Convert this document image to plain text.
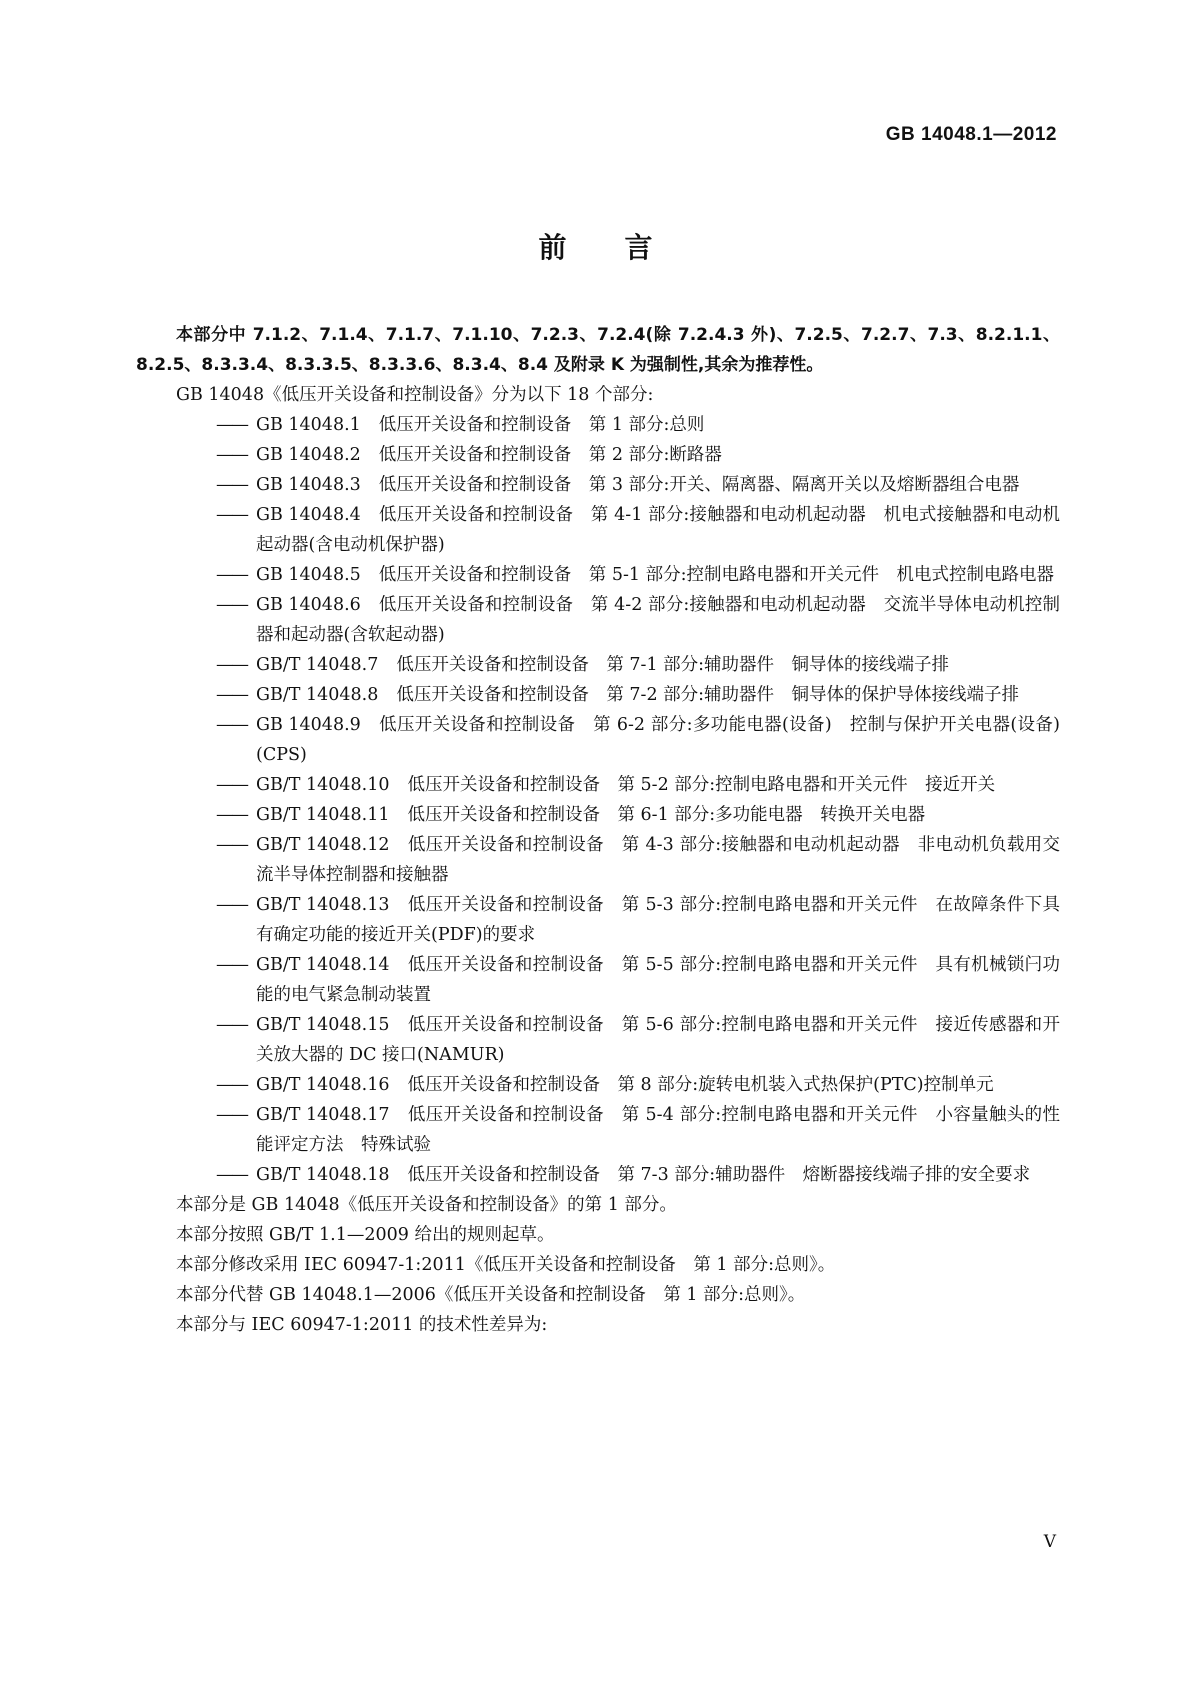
GB 14048.1—2012
前言

本部分中 7.1.2、7.1.4、7.1.7、7.1.10、7.2.3、7.2.4(除 7.2.4.3 外)、7.2.5、7.2.7、7.3、8.2.1.1、8.2.5、8.3.3.4、8.3.3.5、8.3.3.6、8.3.4、8.4 及附录 K 为强制性,其余为推荐性。

GB 14048《低压开关设备和控制设备》分为以下 18 个部分:

—— GB 14048.1 低压开关设备和控制设备　第 1 部分:总则

—— GB 14048.2 低压开关设备和控制设备　第 2 部分:断路器

—— GB 14048.3 低压开关设备和控制设备　第 3 部分:开关、隔离器、隔离开关以及熔断器组合电器

—— GB 14048.4 低压开关设备和控制设备　第 4-1 部分:接触器和电动机起动器　机电式接触器和电动机起动器(含电动机保护器)

—— GB 14048.5 低压开关设备和控制设备　第 5-1 部分:控制电路电器和开关元件　机电式控制电路电器

—— GB 14048.6 低压开关设备和控制设备　第 4-2 部分:接触器和电动机起动器　交流半导体电动机控制器和起动器(含软起动器)

—— GB/T 14048.7 低压开关设备和控制设备　第 7-1 部分:辅助器件　铜导体的接线端子排

—— GB/T 14048.8 低压开关设备和控制设备　第 7-2 部分:辅助器件　铜导体的保护导体接线端子排

—— GB 14048.9 低压开关设备和控制设备　第 6-2 部分:多功能电器(设备)　控制与保护开关电器(设备)(CPS)

—— GB/T 14048.10 低压开关设备和控制设备　第 5-2 部分:控制电路电器和开关元件　接近开关

—— GB/T 14048.11 低压开关设备和控制设备　第 6-1 部分:多功能电器　转换开关电器

—— GB/T 14048.12 低压开关设备和控制设备　第 4-3 部分:接触器和电动机起动器　非电动机负载用交流半导体控制器和接触器

—— GB/T 14048.13 低压开关设备和控制设备　第 5-3 部分:控制电路电器和开关元件　在故障条件下具有确定功能的接近开关(PDF)的要求

—— GB/T 14048.14 低压开关设备和控制设备　第 5-5 部分:控制电路电器和开关元件　具有机械锁闩功能的电气紧急制动装置

—— GB/T 14048.15 低压开关设备和控制设备　第 5-6 部分:控制电路电器和开关元件　接近传感器和开关放大器的 DC 接口(NAMUR)

—— GB/T 14048.16 低压开关设备和控制设备　第 8 部分:旋转电机装入式热保护(PTC)控制单元

—— GB/T 14048.17 低压开关设备和控制设备　第 5-4 部分:控制电路电器和开关元件　小容量触头的性能评定方法　特殊试验

—— GB/T 14048.18 低压开关设备和控制设备　第 7-3 部分:辅助器件　熔断器接线端子排的安全要求

本部分是 GB 14048《低压开关设备和控制设备》的第 1 部分。

本部分按照 GB/T 1.1—2009 给出的规则起草。

本部分修改采用 IEC 60947-1:2011《低压开关设备和控制设备　第 1 部分:总则》。

本部分代替 GB 14048.1—2006《低压开关设备和控制设备　第 1 部分:总则》。

本部分与 IEC 60947-1:2011 的技术性差异为:

V
